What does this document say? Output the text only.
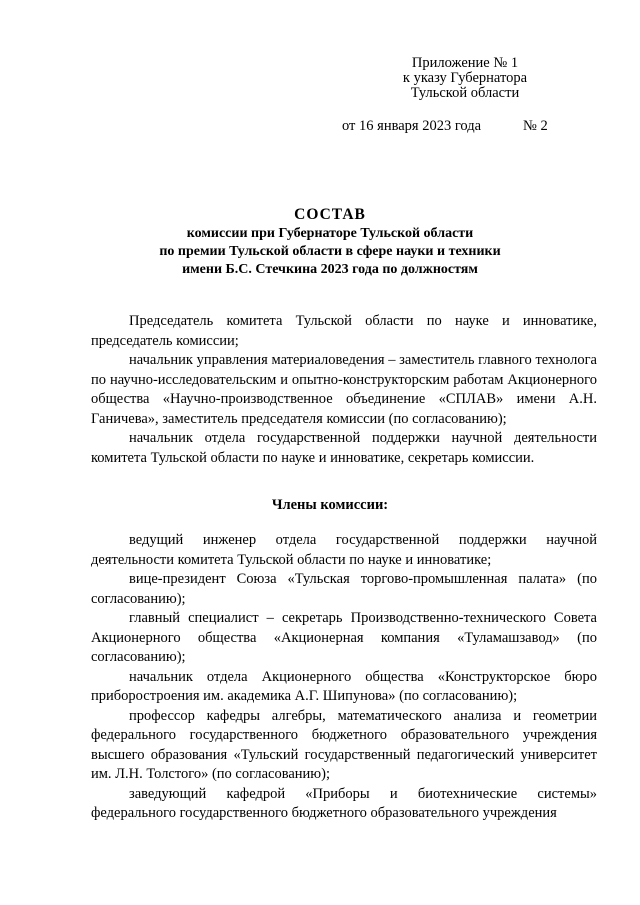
Приложение № 1
к указу Губернатора
Тульской области
от 16 января 2023 года	№ 2
СОСТАВ
комиссии при Губернаторе Тульской области
по премии Тульской области в сфере науки и техники
имени Б.С. Стечкина 2023 года по должностям

Председатель комитета Тульской области по науке и инноватике, председатель комиссии;

начальник управления материаловедения – заместитель главного технолога по научно-исследовательским и опытно-конструкторским работам Акционерного общества «Научно-производственное объединение «СПЛАВ» имени А.Н. Ганичева», заместитель председателя комиссии (по согласованию);

начальник отдела государственной поддержки научной деятельности комитета Тульской области по науке и инноватике, секретарь комиссии.

Члены комиссии:

ведущий инженер отдела государственной поддержки научной деятельности комитета Тульской области по науке и инноватике;

вице-президент Союза «Тульская торгово-промышленная палата» (по согласованию);

главный специалист – секретарь Производственно-технического Совета Акционерного общества «Акционерная компания «Туламашзавод» (по согласованию);

начальник отдела Акционерного общества «Конструкторское бюро приборостроения им. академика А.Г. Шипунова» (по согласованию);

профессор кафедры алгебры, математического анализа и геометрии федерального государственного бюджетного образовательного учреждения высшего образования «Тульский государственный педагогический университет им. Л.Н. Толстого» (по согласованию);

заведующий кафедрой «Приборы и биотехнические системы» федерального государственного бюджетного образовательного учреждения
